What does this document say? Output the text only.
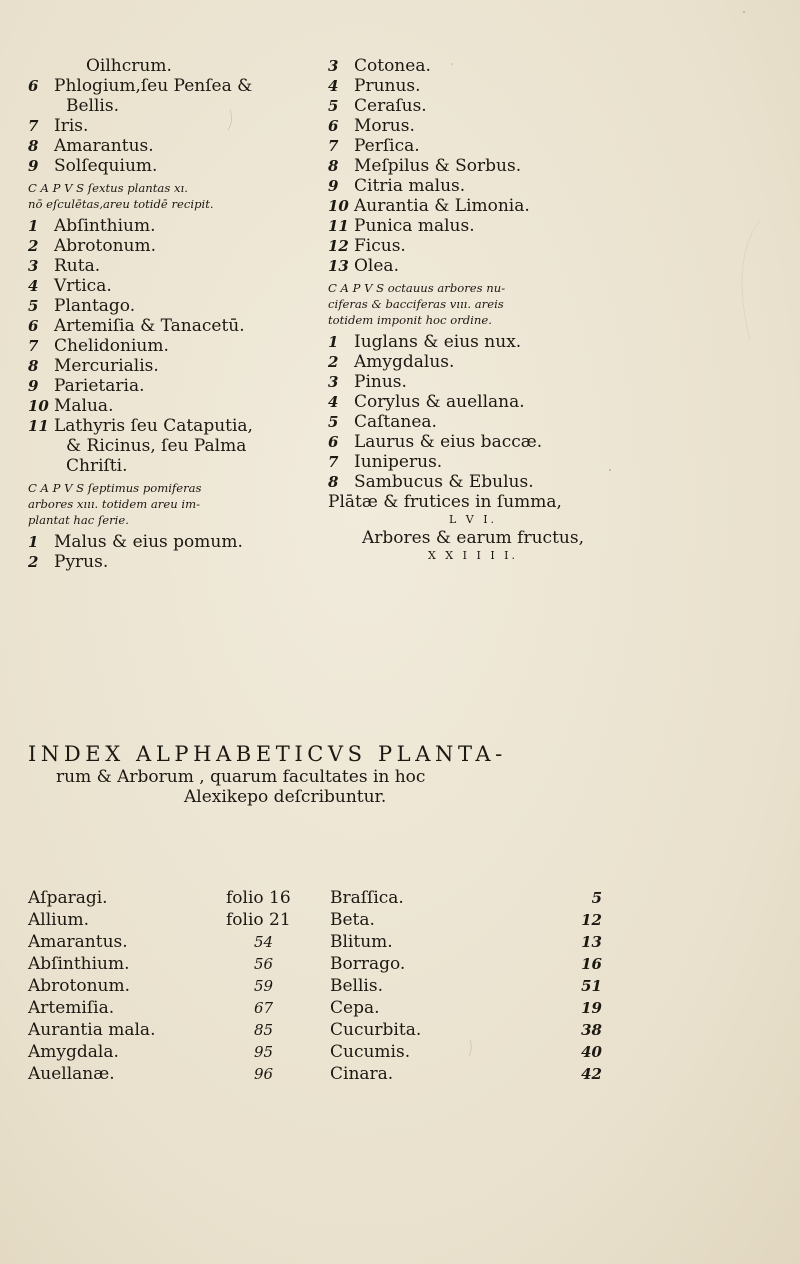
Oilhcrum.
6 Phlogium,ſeu Penſea &
Bellis.
7 Iris.
8 Amarantus.
9 Solſequium.
C A P V S ſextus plantas xı.
nō eſculētas,areu totidē recipit.
1 Abſinthium.
2 Abrotonum.
3 Ruta.
4 Vrtica.
5 Plantago.
6 Artemiſia & Tanacetū.
7 Chelidonium.
8 Mercurialis.
9 Parietaria.
10 Malua.
11 Lathyris ſeu Cataputia,
& Ricinus, ſeu Palma
Chriſti.
C A P V S ſeptimus pomiferas
arbores xııı. totidem areu im-
plantat hac ſerie.
1 Malus & eius pomum.
2 Pyrus.
3 Cotonea.
4 Prunus.
5 Ceraſus.
6 Morus.
7 Perſica.
8 Meſpilus & Sorbus.
9 Citria malus.
10 Aurantia & Limonia.
11 Punica malus.
12 Ficus.
13 Olea.
C A P V S octauus arbores nu-
ciferas & bacciferas vııı. areis
totidem imponit hoc ordine.
1 Iuglans & eius nux.
2 Amygdalus.
3 Pinus.
4 Corylus & auellana.
5 Caſtanea.
6 Laurus & eius baccæ.
7 Iuniperus.
8 Sambucus & Ebulus.
Plātæ & frutices in ſumma,
L V I.
Arbores & earum fructus,
X X I I I I.
INDEX ALPHABETICVS PLANTA-
rum & Arborum , quarum facultates in hoc
Alexikepo deſcribuntur.
Aſparagi.	folio 16
Allium.	folio 21
Amarantus.	54
Abſinthium.	56
Abrotonum.	59
Artemiſia.	67
Aurantia mala.	85
Amygdala.	95
Auellanæ.	96
Braſſica.	5
Beta.	12
Blitum.	13
Borrago.	16
Bellis.	51
Cepa.	19
Cucurbita.	38
Cucumis.	40
Cinara.	42
